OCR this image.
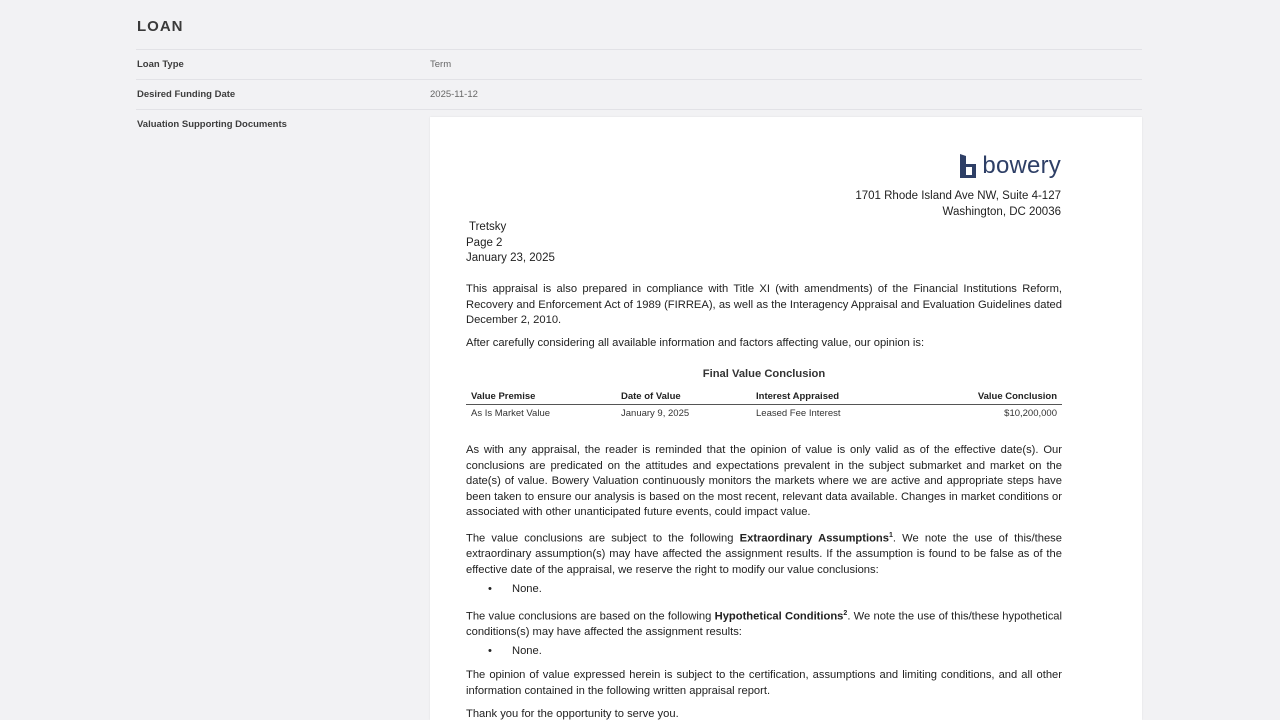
LOAN
Loan Type	Term
Desired Funding Date	2025-11-12
Valuation Supporting Documents
bowery
1701 Rhode Island Ave NW, Suite 4-127
Washington, DC 20036
Tretsky
Page 2
January 23, 2025
This appraisal is also prepared in compliance with Title XI (with amendments) of the Financial Institutions Reform, Recovery and Enforcement Act of 1989 (FIRREA), as well as the Interagency Appraisal and Evaluation Guidelines dated December 2, 2010.
After carefully considering all available information and factors affecting value, our opinion is:
Final Value Conclusion
Value Premise	Date of Value	Interest Appraised	Value Conclusion
As Is Market Value	January 9, 2025	Leased Fee Interest	$10,200,000
As with any appraisal, the reader is reminded that the opinion of value is only valid as of the effective date(s). Our conclusions are predicated on the attitudes and expectations prevalent in the subject submarket and market on the date(s) of value. Bowery Valuation continuously monitors the markets where we are active and appropriate steps have been taken to ensure our analysis is based on the most recent, relevant data available. Changes in market conditions or associated with other unanticipated future events, could impact value.
The value conclusions are subject to the following Extraordinary Assumptions$^1$. We note the use of this/these extraordinary assumption(s) may have affected the assignment results. If the assumption is found to be false as of the effective date of the appraisal, we reserve the right to modify our value conclusions:
• None.
The value conclusions are based on the following Hypothetical Conditions$^2$. We note the use of this/these hypothetical conditions(s) may have affected the assignment results:
• None.
The opinion of value expressed herein is subject to the certification, assumptions and limiting conditions, and all other information contained in the following written appraisal report.
Thank you for the opportunity to serve you.
